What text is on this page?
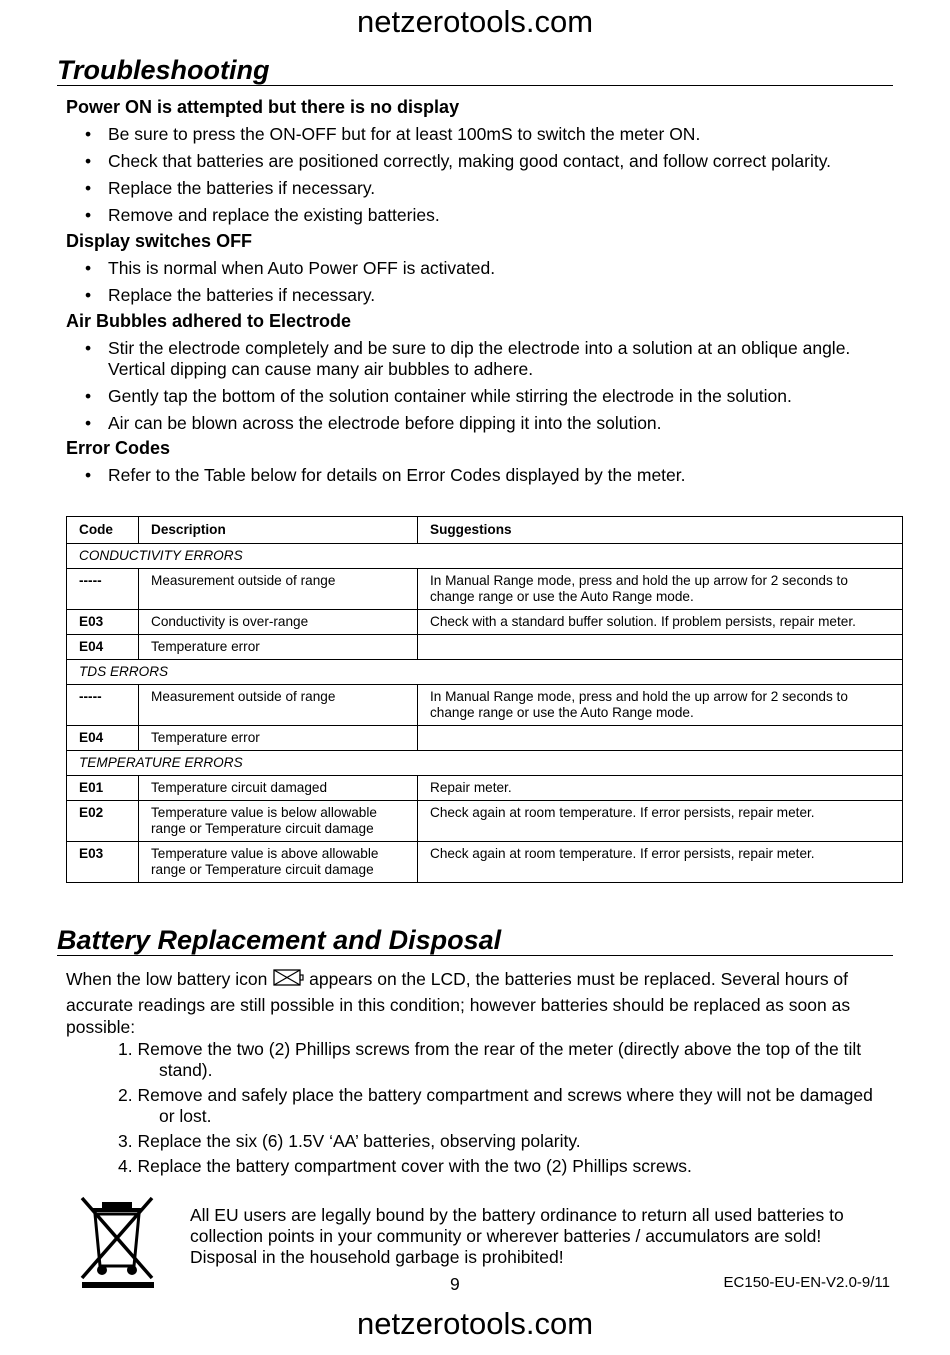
netzerotools.com
Troubleshooting
Power ON is attempted but there is no display
• Be sure to press the ON-OFF but for at least 100mS to switch the meter ON.
• Check that batteries are positioned correctly, making good contact, and follow correct polarity.
• Replace the batteries if necessary.
• Remove and replace the existing batteries.
Display switches OFF
• This is normal when Auto Power OFF is activated.
• Replace the batteries if necessary.
Air Bubbles adhered to Electrode
• Stir the electrode completely and be sure to dip the electrode into a solution at an oblique angle. Vertical dipping can cause many air bubbles to adhere.
• Gently tap the bottom of the solution container while stirring the electrode in the solution.
• Air can be blown across the electrode before dipping it into the solution.
Error Codes
• Refer to the Table below for details on Error Codes displayed by the meter.
Code	Description	Suggestions
CONDUCTIVITY ERRORS		
-----	Measurement outside of range	In Manual Range mode, press and hold the up arrow for 2 seconds to change range or use the Auto Range mode.
E03	Conductivity is over-range	Check with a standard buffer solution. If problem persists, repair meter.
E04	Temperature error	
TDS ERRORS		
-----	Measurement outside of range	In Manual Range mode, press and hold the up arrow for 2 seconds to change range or use the Auto Range mode.
E04	Temperature error	
TEMPERATURE ERRORS		
E01	Temperature circuit damaged	Repair meter.
E02	Temperature value is below allowable range or Temperature circuit damage	Check again at room temperature. If error persists, repair meter.
E03	Temperature value is above allowable range or Temperature circuit damage	Check again at room temperature. If error persists, repair meter.
Battery Replacement and Disposal
When the low battery icon appears on the LCD, the batteries must be replaced. Several hours of accurate readings are still possible in this condition; however batteries should be replaced as soon as possible:
1. Remove the two (2) Phillips screws from the rear of the meter (directly above the top of the tilt stand).
2. Remove and safely place the battery compartment and screws where they will not be damaged or lost.
3. Replace the six (6) 1.5V ‘AA’ batteries, observing polarity.
4. Replace the battery compartment cover with the two (2) Phillips screws.
All EU users are legally bound by the battery ordinance to return all used batteries to collection points in your community or wherever batteries / accumulators are sold! Disposal in the household garbage is prohibited!
9	EC150-EU-EN-V2.0-9/11
netzerotools.com
